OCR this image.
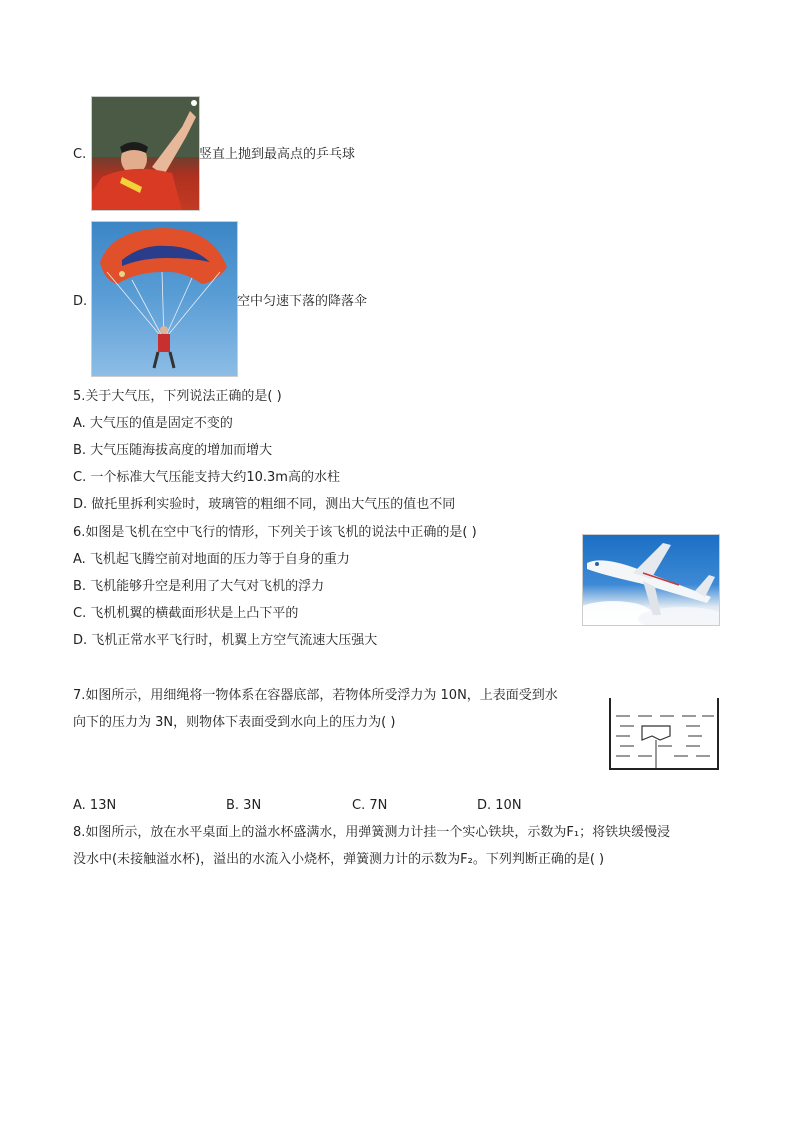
C.	竖直上抛到最高点的乒乓球
D.	空中匀速下落的降落伞
5.关于大气压，下列说法正确的是( )
A. 大气压的值是固定不变的
B. 大气压随海拔高度的增加而增大
C. 一个标准大气压能支持大约10.3m高的水柱
D. 做托里拆利实验时，玻璃管的粗细不同，测出大气压的值也不同
6.如图是飞机在空中飞行的情形，下列关于该飞机的说法中正确的是( )
A. 飞机起飞腾空前对地面的压力等于自身的重力
B. 飞机能够升空是利用了大气对飞机的浮力
C. 飞机机翼的横截面形状是上凸下平的
D. 飞机正常水平飞行时，机翼上方空气流速大压强大
7.如图所示，用细绳将一物体系在容器底部，若物体所受浮力为 10N，上表面受到水
向下的压力为 3N，则物体下表面受到水向上的压力为( )
A. 13N	B. 3N	C. 7N	D. 10N
8.如图所示，放在水平桌面上的溢水杯盛满水，用弹簧测力计挂一个实心铁块，示数为F₁；将铁块缓慢浸
没水中(未接触溢水杯)，溢出的水流入小烧杯，弹簧测力计的示数为F₂。下列判断正确的是( )
